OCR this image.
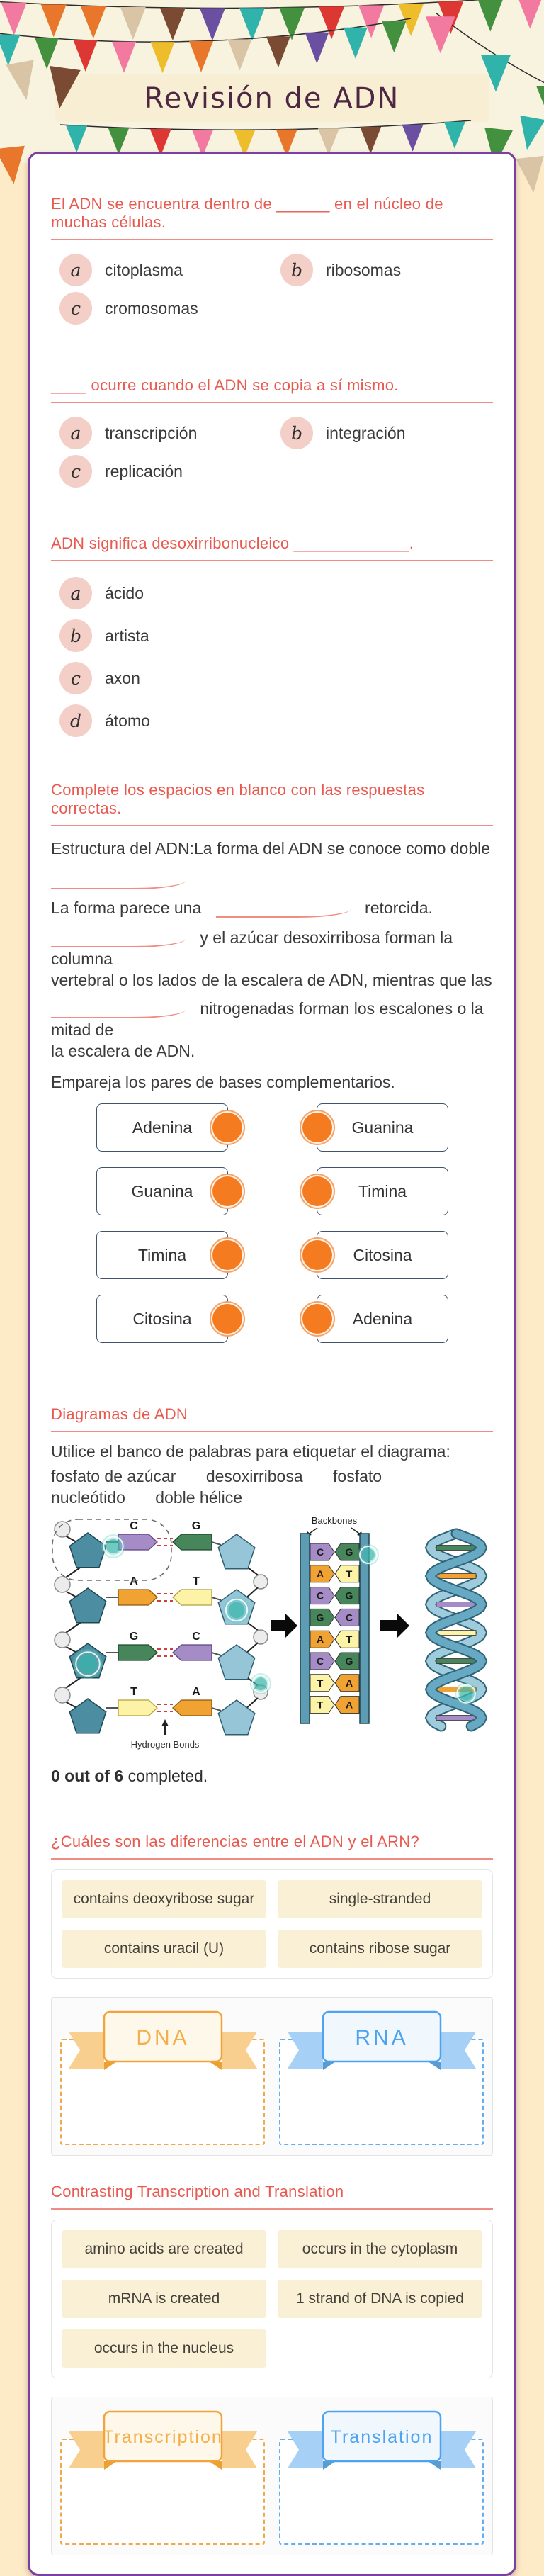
Revisión de ADN
El ADN se encuentra dentro de ______ en el núcleo de muchas células.
a	citoplasma	b	ribosomas
c	cromosomas
____ ocurre cuando el ADN se copia a sí mismo.
a	transcripción	b	integración
c	replicación
ADN significa desoxirribonucleico _____________.
a	ácido
b	artista
c	axon
d	átomo
Complete los espacios en blanco con las respuestas correctas.

Estructura del ADN:La forma del ADN se conoce como doble

La forma parece una	retorcida.

y el azúcar desoxirribosa forman la columna

vertebral o los lados de la escalera de ADN, mientras que las

nitrogenadas forman los escalones o la mitad de

la escalera de ADN.

Empareja los pares de bases complementarios.

Adenina	Guanina
Guanina	Timina
Timina	Citosina
Citosina	Adenina
Diagramas de ADN

Utilice el banco de palabras para etiquetar el diagrama:

fosfato de azúcar desoxirribosa fosfato nucleótido doble hélice

C	G
A	T
G	C
T	A
Hydrogen Bonds
Backbones
C G
A T
C G
G C
A T
C G
T A
T A

0 out of 6 completed.

¿Cuáles son las diferencias entre el ADN y el ARN?
contains deoxyribose sugar	single-stranded
contains uracil (U)	contains ribose sugar
DNA	RNA
Contrasting Transcription and Translation
amino acids are created	occurs in the cytoplasm
mRNA is created	1 strand of DNA is copied
occurs in the nucleus
Transcription	Translation
